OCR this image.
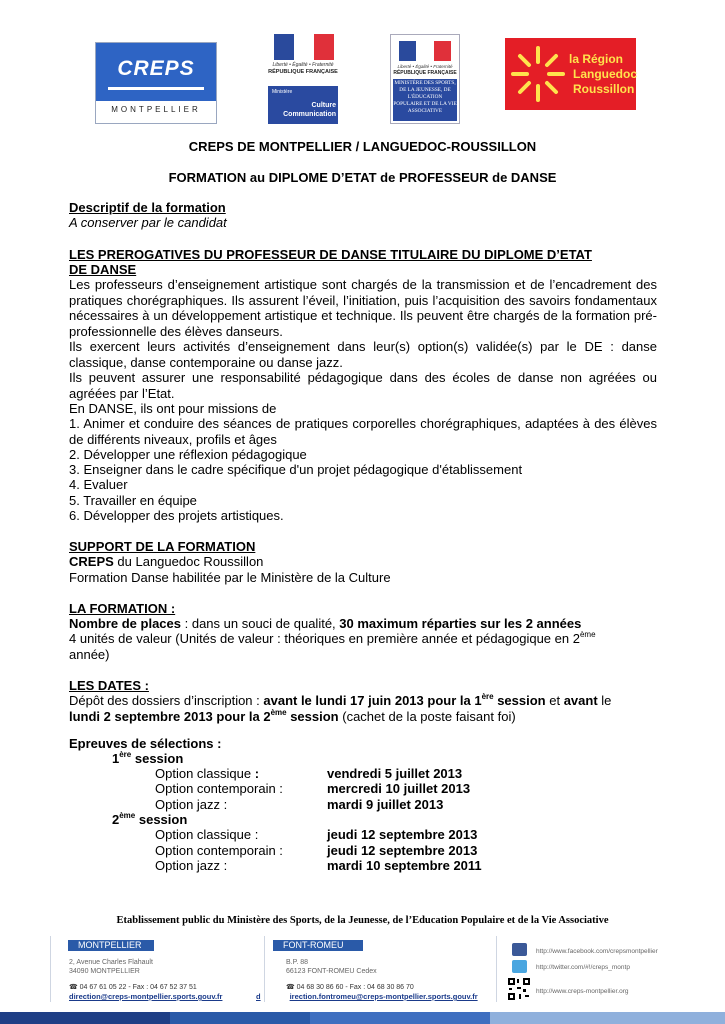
CREPS
MONTPELLIER
Liberté • Égalité • Fraternité
RÉPUBLIQUE FRANÇAISE
Ministère
Culture
Communication
Liberté • Égalité • Fraternité
RÉPUBLIQUE FRANÇAISE
MINISTÈRE DES SPORTS, DE LA JEUNESSE, DE L'ÉDUCATION POPULAIRE ET DE LA VIE ASSOCIATIVE
la Région
Languedoc
Roussillon
CREPS DE MONTPELLIER / LANGUEDOC-ROUSSILLON
FORMATION au DIPLOME D’ETAT de PROFESSEUR de DANSE
Descriptif de la formation
A conserver par le candidat
LES PREROGATIVES DU PROFESSEUR DE DANSE TITULAIRE DU DIPLOME D’ETAT
DE DANSE
Les professeurs d’enseignement artistique sont chargés de la transmission et de l’encadrement des pratiques chorégraphiques. Ils assurent l’éveil, l’initiation, puis l’acquisition des savoirs fondamentaux nécessaires à un développement artistique et technique. Ils peuvent être chargés de la formation pré-professionnelle des élèves danseurs.
Ils exercent leurs activités d’enseignement dans leur(s) option(s) validée(s) par le DE : danse classique, danse contemporaine ou danse jazz.
Ils peuvent assurer une responsabilité pédagogique dans des écoles de danse non agréées ou agréées par l’Etat.
En DANSE, ils ont pour missions de
1. Animer et conduire des séances de pratiques corporelles chorégraphiques, adaptées à des élèves de différents niveaux, profils et âges
2. Développer une réflexion pédagogique
3. Enseigner dans le cadre spécifique d'un projet pédagogique d'établissement
4. Evaluer
5. Travailler en équipe
6. Développer des projets artistiques.
SUPPORT DE LA FORMATION
CREPS du Languedoc Roussillon
Formation Danse habilitée par le Ministère de la Culture
LA FORMATION :
Nombre de places : dans un souci de qualité, 30 maximum réparties sur les 2 années
4 unités de valeur (Unités de valeur : théoriques en première année et pédagogique en 2ème
année)
LES DATES :
Dépôt des dossiers d’inscription : avant le lundi 17 juin 2013 pour la 1ère session et avant le
lundi 2 septembre 2013 pour la 2ème session (cachet de la poste faisant foi)
Epreuves de sélections :
1ère session
Option classique :	vendredi 5 juillet 2013
Option contemporain :	mercredi 10 juillet 2013
Option jazz :	mardi 9 juillet 2013
2ème session
Option classique :	jeudi 12 septembre 2013
Option contemporain :	jeudi 12 septembre 2013
Option jazz :	mardi 10 septembre 2011
Etablissement public du Ministère des Sports, de la Jeunesse, de l’Education Populaire et de la Vie Associative
MONTPELLIER
2, Avenue Charles Flahault
34090 MONTPELLIER
☎ 04 67 61 05 22 - Fax : 04 67 52 37 51
direction@creps-montpellier.sports.gouv.fr
FONT-ROMEU
B.P. 88
66123 FONT-ROMEU Cedex
☎ 04 68 30 86 60 - Fax : 04 68 30 86 70
d	irection.fontromeu@creps-montpellier.sports.gouv.fr
http://www.facebook.com/crepsmontpellier
http://twitter.com/#!/creps_montp
http://www.creps-montpellier.org
